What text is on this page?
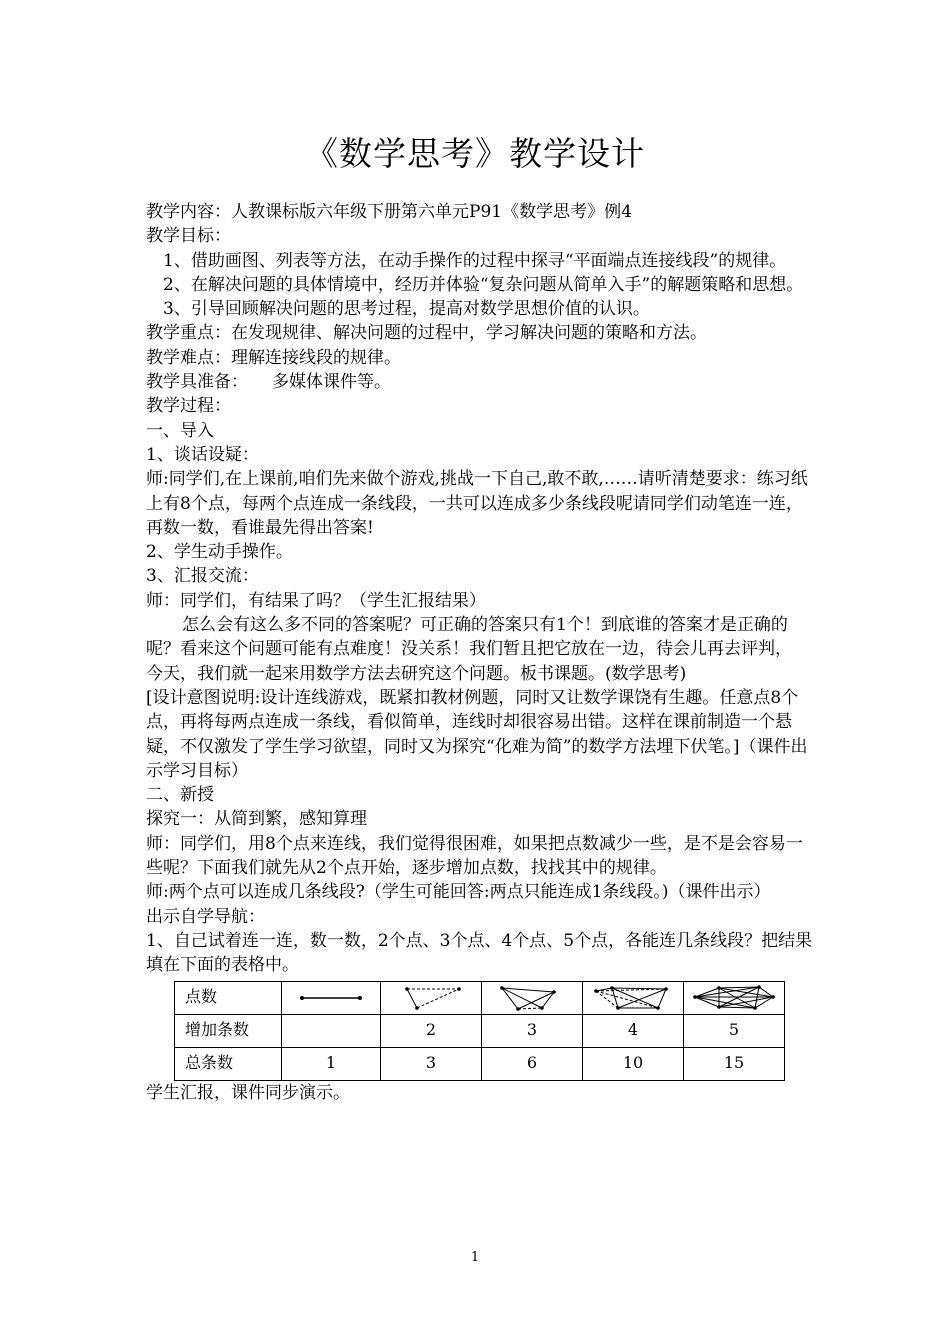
《数学思考》教学设计

教学内容：人教课标版六年级下册第六单元P91《数学思考》例4

教学目标：

1、借助画图、列表等方法，在动手操作的过程中探寻“平面端点连接线段”的规律。

2、在解决问题的具体情境中，经历并体验“复杂问题从简单入手”的解题策略和思想。

3、引导回顾解决问题的思考过程，提高对数学思想价值的认识。

教学重点：在发现规律、解决问题的过程中，学习解决问题的策略和方法。

教学难点：理解连接线段的规律。

教学具准备： 多媒体课件等。

教学过程：

一、导入

1、谈话设疑：

师:同学们,在上课前,咱们先来做个游戏,挑战一下自己,敢不敢,……请听清楚要求：练习纸上有8个点，每两个点连成一条线段，一共可以连成多少条线段呢请同学们动笔连一连，再数一数，看谁最先得出答案!

2、学生动手操作。

3、汇报交流：

师：同学们，有结果了吗？（学生汇报结果）

怎么会有这么多不同的答案呢？可正确的答案只有1个！到底谁的答案才是正确的呢？看来这个问题可能有点难度！没关系！我们暂且把它放在一边，待会儿再去评判， 今天，我们就一起来用数学方法去研究这个问题。板书课题。(数学思考)

[设计意图说明:设计连线游戏，既紧扣教材例题，同时又让数学课饶有生趣。任意点8个点，再将每两点连成一条线，看似简单，连线时却很容易出错。这样在课前制造一个悬疑，不仅激发了学生学习欲望，同时又为探究“化难为简”的数学方法埋下伏笔。]（课件出示学习目标）

二、新授

探究一：从简到繁，感知算理

师：同学们，用8个点来连线，我们觉得很困难，如果把点数减少一些，是不是会容易一些呢？下面我们就先从2个点开始，逐步增加点数，找找其中的规律。

师:两个点可以连成几条线段?（学生可能回答:两点只能连成1条线段。)（课件出示）

出示自学导航：

1、自己试着连一连，数一数，2个点、3个点、4个点、5个点，各能连几条线段？把结果填在下面的表格中。

点数	

增加条数		2	3	4	5
总条数	1	3	6	10	15

学生汇报，课件同步演示。

1
